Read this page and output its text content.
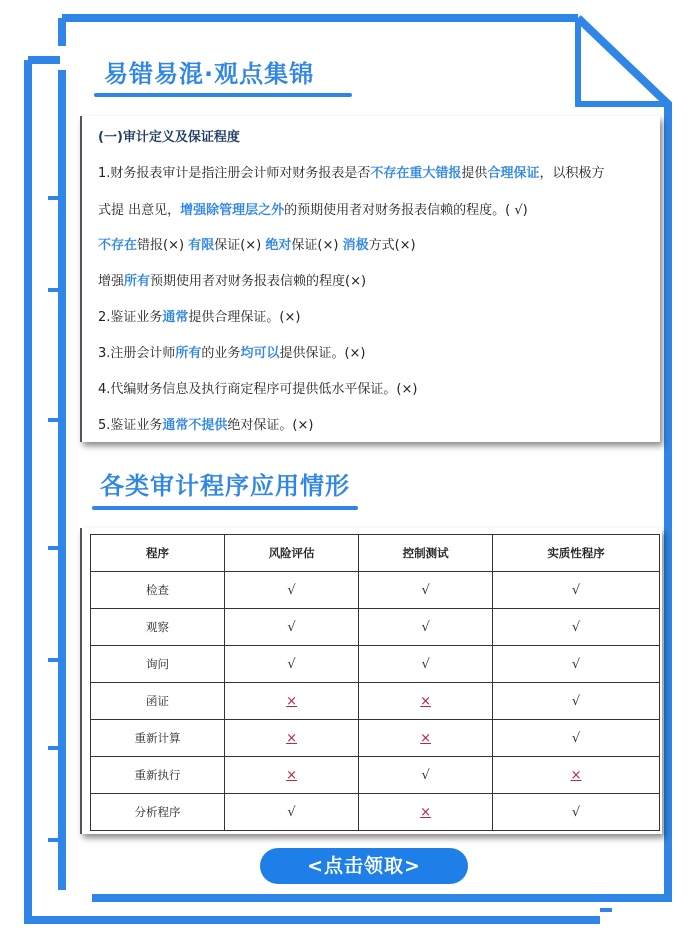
易错易混·观点集锦
(一)审计定义及保证程度
1.财务报表审计是指注册会计师对财务报表是否不存在重大错报提供合理保证，以积极方
式提 出意见，增强除管理层之外的预期使用者对财务报表信赖的程度。( √)
不存在错报(×) 有限保证(×) 绝对保证(×) 消极方式(×)
增强所有预期使用者对财务报表信赖的程度(×)
2.鉴证业务通常提供合理保证。(×)
3.注册会计师所有的业务均可以提供保证。(×)
4.代编财务信息及执行商定程序可提供低水平保证。(×)
5.鉴证业务通常不提供绝对保证。(×)
各类审计程序应用情形
程序	风险评估	控制测试	实质性程序
检查	√	√	√
观察	√	√	√
询问	√	√	√
函证	×	×	√
重新计算	×	×	√
重新执行	×	√	×
分析程序	√	×	√
<点击领取>
